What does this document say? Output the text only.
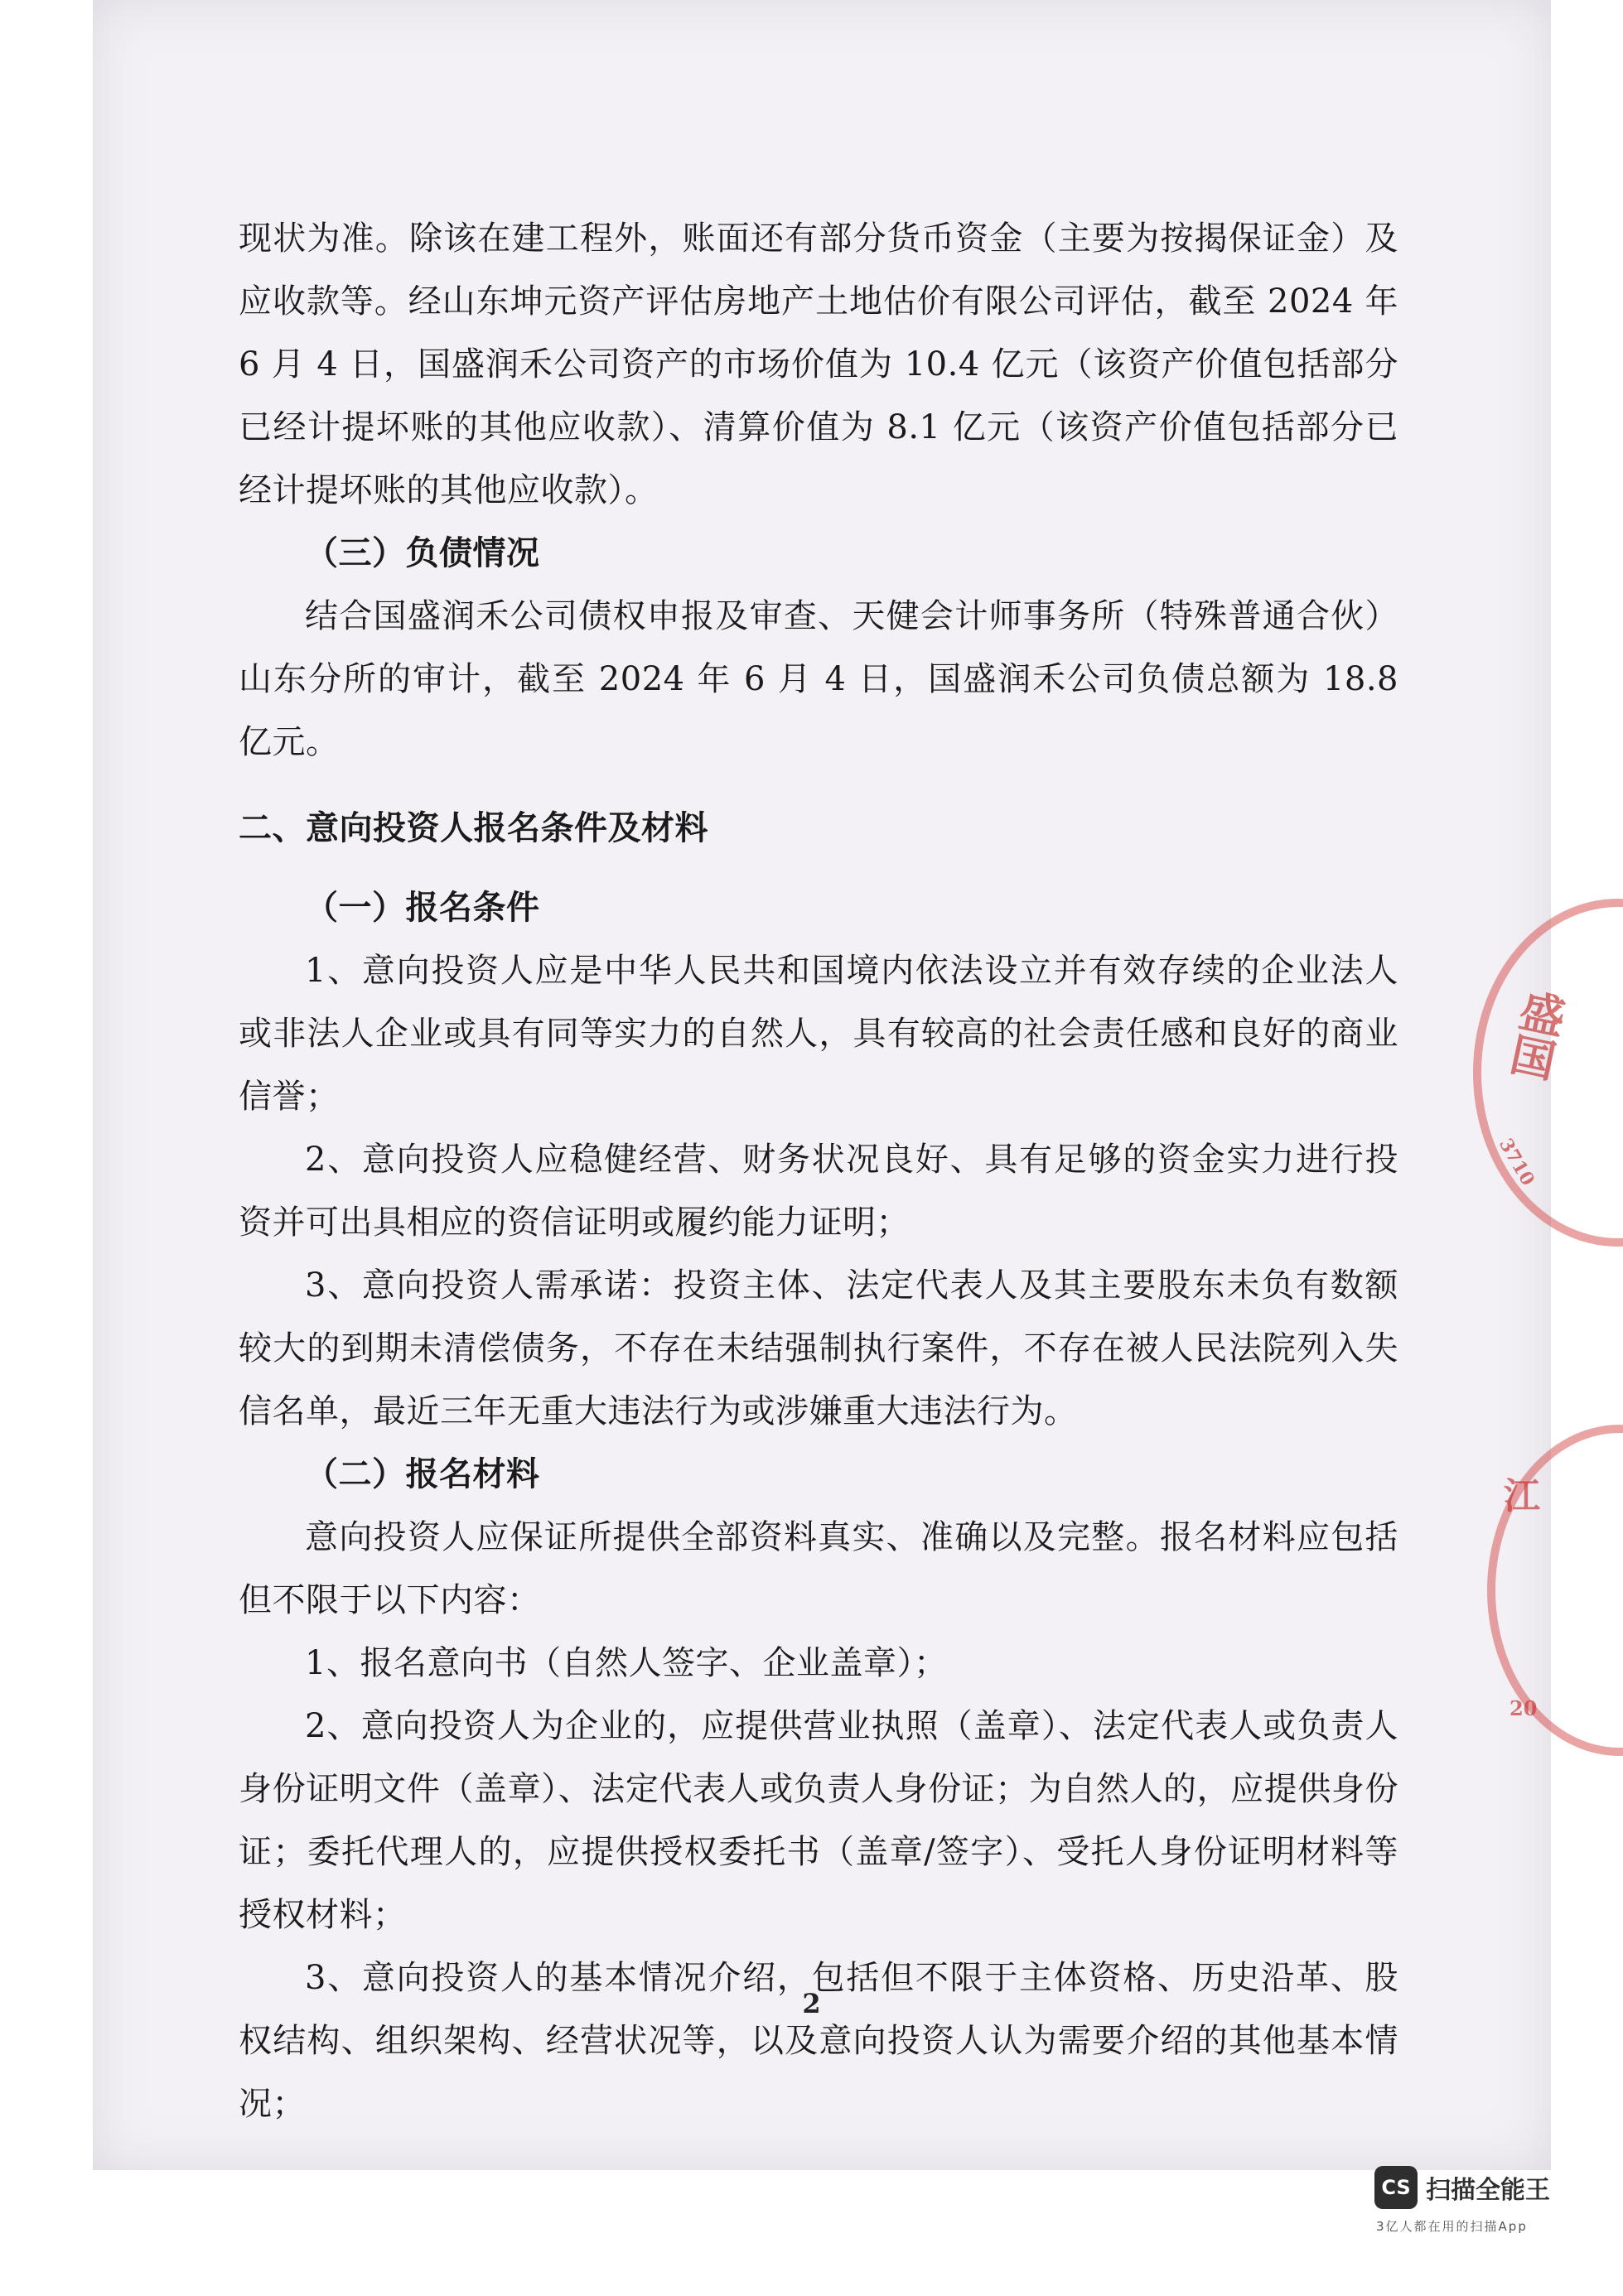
现状为准。除该在建工程外，账面还有部分货币资金（主要为按揭保证金）及应收款等。经山东坤元资产评估房地产土地估价有限公司评估，截至 2024 年 6 月 4 日，国盛润禾公司资产的市场价值为 10.4 亿元（该资产价值包括部分已经计提坏账的其他应收款）、清算价值为 8.1 亿元（该资产价值包括部分已经计提坏账的其他应收款）。

（三）负债情况

结合国盛润禾公司债权申报及审查、天健会计师事务所（特殊普通合伙）山东分所的审计，截至 2024 年 6 月 4 日，国盛润禾公司负债总额为 18.8 亿元。

二、意向投资人报名条件及材料

（一）报名条件

1、意向投资人应是中华人民共和国境内依法设立并有效存续的企业法人或非法人企业或具有同等实力的自然人，具有较高的社会责任感和良好的商业信誉；

2、意向投资人应稳健经营、财务状况良好、具有足够的资金实力进行投资并可出具相应的资信证明或履约能力证明；

3、意向投资人需承诺：投资主体、法定代表人及其主要股东未负有数额较大的到期未清偿债务，不存在未结强制执行案件，不存在被人民法院列入失信名单，最近三年无重大违法行为或涉嫌重大违法行为。

（二）报名材料

意向投资人应保证所提供全部资料真实、准确以及完整。报名材料应包括但不限于以下内容：

1、报名意向书（自然人签字、企业盖章）；

2、意向投资人为企业的，应提供营业执照（盖章）、法定代表人或负责人身份证明文件（盖章）、法定代表人或负责人身份证；为自然人的，应提供身份证；委托代理人的，应提供授权委托书（盖章/签字）、受托人身份证明材料等授权材料；

3、意向投资人的基本情况介绍，包括但不限于主体资格、历史沿革、股权结构、组织架构、经营状况等，以及意向投资人认为需要介绍的其他基本情况；

2
盛国
3710
江
20
CS 扫描全能王
3亿人都在用的扫描App
